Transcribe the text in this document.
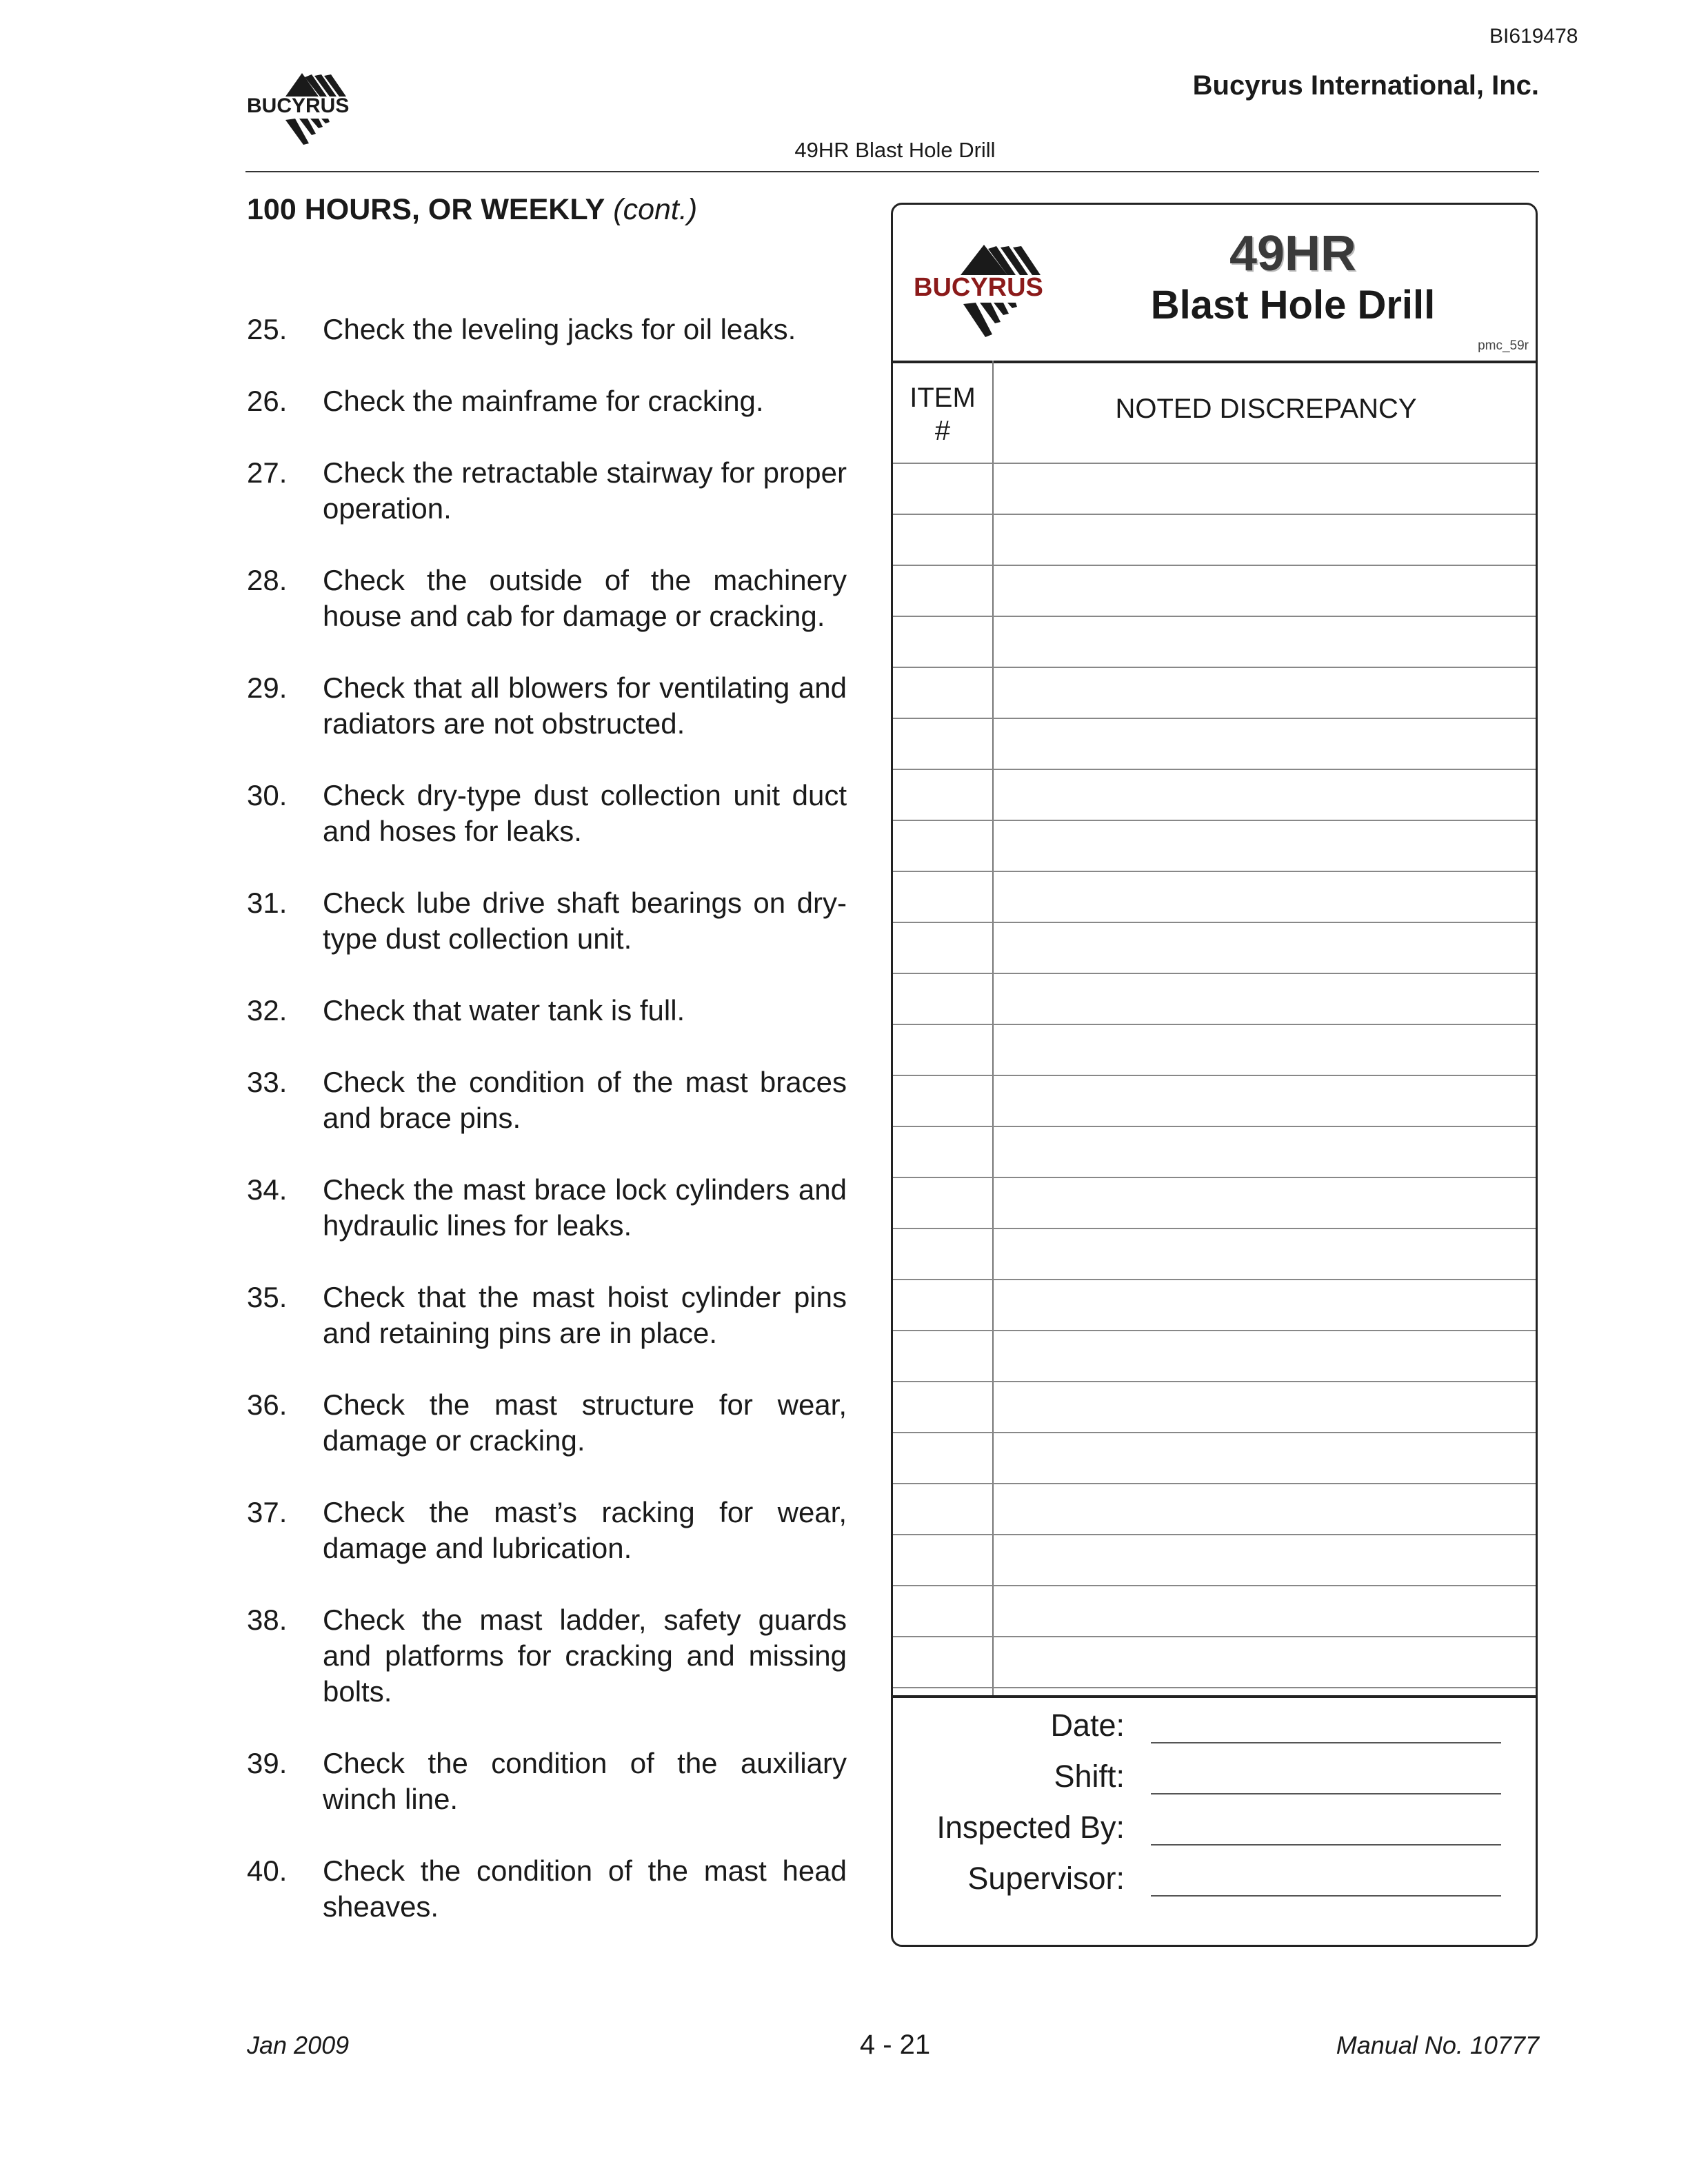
BI619478
Bucyrus International, Inc.
BUCYRUS
49HR Blast Hole Drill
100 HOURS, OR WEEKLY (cont.)
25. Check the leveling jacks for oil leaks.
26. Check the mainframe for cracking.
27. Check the retractable stairway for proper operation.
28. Check the outside of the machinery house and cab for damage or cracking.
29. Check that all blowers for ventilating and radiators are not obstructed.
30. Check dry-type dust collection unit duct and hoses for leaks.
31. Check lube drive shaft bearings on dry-type dust collection unit.
32. Check that water tank is full.
33. Check the condition of the mast braces and brace pins.
34. Check the mast brace lock cylinders and hydraulic lines for leaks.
35. Check that the mast hoist cylinder pins and retaining pins are in place.
36. Check the mast structure for wear, damage or cracking.
37. Check the mast’s racking for wear, damage and lubrication.
38. Check the mast ladder, safety guards and platforms for cracking and missing bolts.
39. Check the condition of the auxiliary winch line.
40. Check the condition of the mast head sheaves.
BUCYRUS
49HR
Blast Hole Drill
pmc_59r
ITEM
#
NOTED DISCREPANCY
Date:
Shift:
Inspected By:
Supervisor:
Jan 2009	4 - 21	Manual No. 10777
